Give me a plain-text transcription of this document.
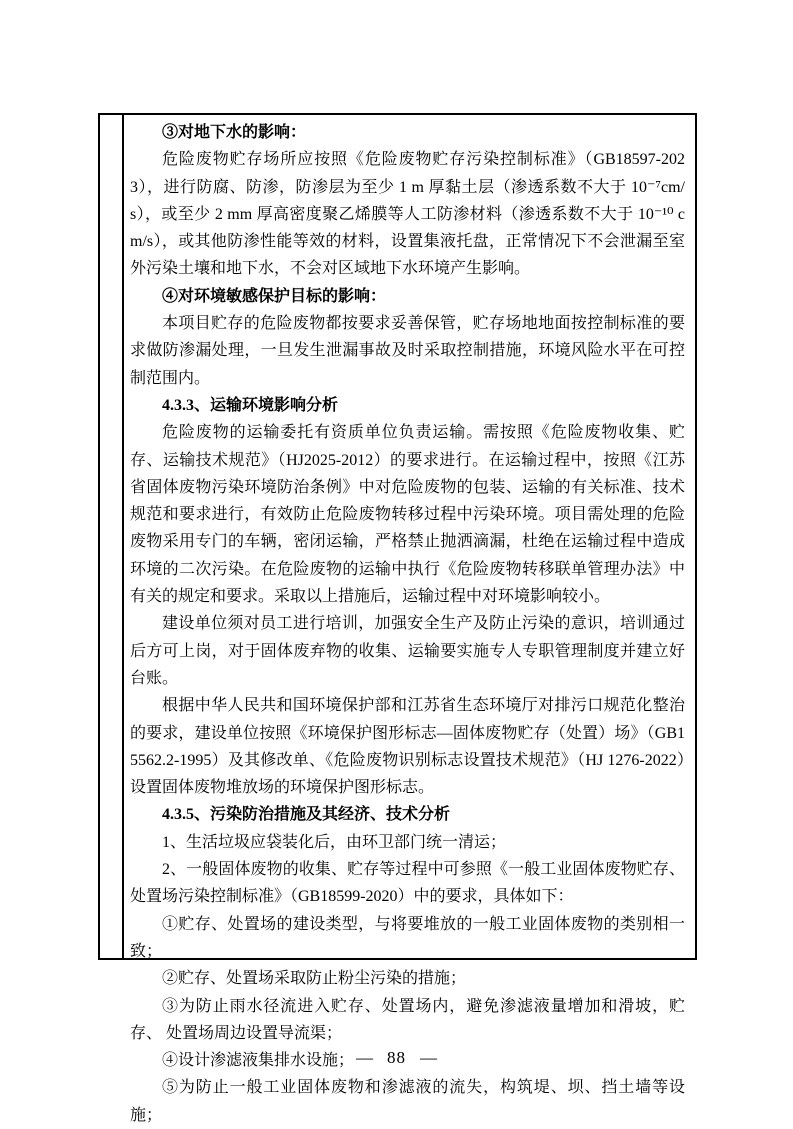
③对地下水的影响：
危险废物贮存场所应按照《危险废物贮存污染控制标准》（GB18597-2023），进行防腐、防渗，防渗层为至少 1 m 厚黏土层（渗透系数不大于 10⁻⁷cm/s），或至少 2 mm 厚高密度聚乙烯膜等人工防渗材料（渗透系数不大于 10⁻¹⁰ cm/s），或其他防渗性能等效的材料，设置集液托盘，正常情况下不会泄漏至室外污染土壤和地下水，不会对区域地下水环境产生影响。
④对环境敏感保护目标的影响：
本项目贮存的危险废物都按要求妥善保管，贮存场地地面按控制标准的要求做防渗漏处理，一旦发生泄漏事故及时采取控制措施，环境风险水平在可控制范围内。
4.3.3、运输环境影响分析
危险废物的运输委托有资质单位负责运输。需按照《危险废物收集、贮存、运输技术规范》（HJ2025-2012）的要求进行。在运输过程中，按照《江苏省固体废物污染环境防治条例》中对危险废物的包装、运输的有关标准、技术规范和要求进行，有效防止危险废物转移过程中污染环境。项目需处理的危险废物采用专门的车辆，密闭运输，严格禁止抛洒滴漏，杜绝在运输过程中造成环境的二次污染。在危险废物的运输中执行《危险废物转移联单管理办法》中有关的规定和要求。采取以上措施后，运输过程中对环境影响较小。
建设单位须对员工进行培训，加强安全生产及防止污染的意识，培训通过后方可上岗，对于固体废弃物的收集、运输要实施专人专职管理制度并建立好台账。
根据中华人民共和国环境保护部和江苏省生态环境厅对排污口规范化整治的要求，建设单位按照《环境保护图形标志—固体废物贮存（处置）场》（GB15562.2-1995）及其修改单、《危险废物识别标志设置技术规范》（HJ 1276-2022）设置固体废物堆放场的环境保护图形标志。
4.3.5、污染防治措施及其经济、技术分析
1、生活垃圾应袋装化后，由环卫部门统一清运；
2、一般固体废物的收集、贮存等过程中可参照《一般工业固体废物贮存、处置场污染控制标准》（GB18599-2020）中的要求，具体如下：
①贮存、处置场的建设类型，与将要堆放的一般工业固体废物的类别相一致；
②贮存、处置场采取防止粉尘污染的措施；
③为防止雨水径流进入贮存、处置场内，避免渗滤液量增加和滑坡，贮存、 处置场周边设置导流渠；
④设计渗滤液集排水设施；
⑤为防止一般工业固体废物和渗滤液的流失，构筑堤、坝、挡土墙等设施；
— 88 —
